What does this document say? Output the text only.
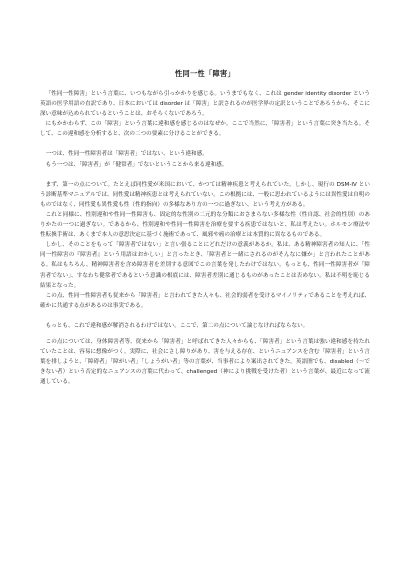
性同一性「障害」

「性同一性障害」という言葉に、いつもながら引っかかりを感じる。いうまでもなく、これは gender identity disorder という英語の医学用語の直訳であり、日本においては disorder は「障害」と訳されるのが医学界の定訳ということであろうから、そこに深い意味が込められているということは、おそらくないであろう。

にもかかわらず、この「障害」という言葉に違和感を感じるのはなぜか。ここで当然に、「障害者」という言葉に突き当たる。そして、この違和感を分析すると、次の二つの要素に分けることができる。

一つは、性同一性障害者は「障害者」ではない、という違和感。

もう一つは、「障害者」が「健常者」でないということから来る違和感。

まず、第一の点について。たとえば同性愛が米国において、かつては精神疾患と考えられていた。しかし、現行の DSM-IV という診断基準マニュアルでは、同性愛は精神疾患とは考えられていない。この根拠には、一般に思われているようには異性愛は自明のものではなく、同性愛も異性愛も性（性的指向）の多様なあり方の一つに過ぎない、という考え方がある。

これと同様に、性別違和や性同一性障害も、固定的な性別の二元的な分類におさまらない多様な性（性自認、社会的性別）のありかたの一つに過ぎない。であるから、性別違和や性同一性障害を治療を要する疾患ではないと、私は考えたい。ホルモン療法や性転換手術は、あくまで本人の意思決定に基づく施術であって、風邪や癌の治療とは本質的に異なるものである。

しかし、そのことをもって「障害者ではない」と言い張ることにどれだけの意義があるか。私は、ある精神障害者の知人に、「性同一性障害の『障害者』という用語はおかしい」と言ったとき、「障害者と一緒にされるのがそんなに嫌か」と言われたことがある。私はもちろん、精神障害者を含め障害者を差別する意図でこの言葉を発したわけではない。もっとも、性同一性障害者が「障害者でない」、すなわち健常者であるという意識の根底には、障害者差別に通じるものがあったことは否めない。私は不明を恥じる結果となった。

この点、性同一性障害者も従来から「障害者」と言われてきた人々も、社会的弱者を受けるマイノリティであることを考えれば、確かに共通する点があるのは事実である。

もっとも、これで違和感が解消されるわけではない。ここで、第二の点について論じなければならない。

この点については、身体障害者等、従来から「障害者」と呼ばれてきた人々からも、「障害者」という言葉は強い違和感を持たれていたことは、容易に想像がつく。実際に、社会にさし障りがあり、害を与える存在、というニュアンスを含む「障害者」という言葉を排しようと、「障碍者」「障がい者」「しょうがい者」等の言葉が、当事者により案出されてきた。英語圏でも、disabled（〜できない者）という否定的なニュアンスの言葉に代わって、challenged（神により挑戦を受けた者）という言葉が、最近になって流通している。
